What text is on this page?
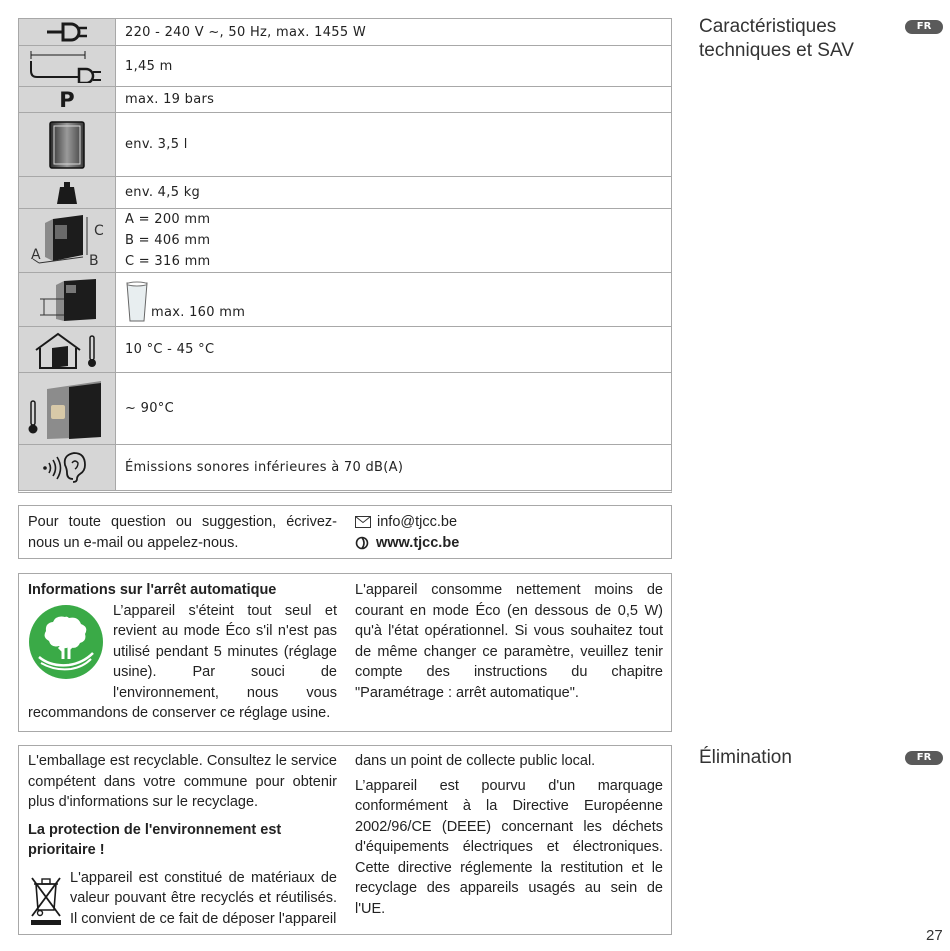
220 - 240 V ~, 50 Hz, max. 1455 W
1,45 m
P	max. 19 bars
env. 3,5 l
env. 4,5 kg
A	B
C
A = 200 mm
B = 406 mm
C = 316 mm
max. 160 mm
10 °C - 45 °C
~ 90°C
Émissions sonores inférieures à 70 dB(A)
Pour toute question ou suggestion, écrivez-nous un e-mail ou appelez-nous.
info@tjcc.be
www.tjcc.be
Informations sur l'arrêt automatique
L’appareil s'éteint tout seul et revient au mode Éco s'il n'est pas utilisé pendant 5 minutes (réglage usine). Par souci de l'environnement, nous vous recommandons de conserver ce réglage usine.
L'appareil consomme nettement moins de courant en mode Éco (en dessous de 0,5 W) qu'à l'état opérationnel. Si vous souhaitez tout de même changer ce paramètre, veuillez tenir compte des instructions du chapitre "Paramétrage : arrêt automatique".
L'emballage est recyclable. Consultez le service compétent dans votre commune pour obtenir plus d'informations sur le recyclage.
La protection de l'environnement est prioritaire !
L'appareil est constitué de matériaux de valeur pouvant être recyclés et réutilisés. Il convient de ce fait de déposer l'appareil
dans un point de collecte public local.
L’appareil est pourvu d'un marquage conformément à la Directive Européenne 2002/96/CE (DEEE) concernant les déchets d'équipements électriques et électroniques. Cette directive réglemente la restitution et le recyclage des appareils usagés au sein de l'UE.
Caractéristiques techniques et SAV
FR
Élimination	FR
27
